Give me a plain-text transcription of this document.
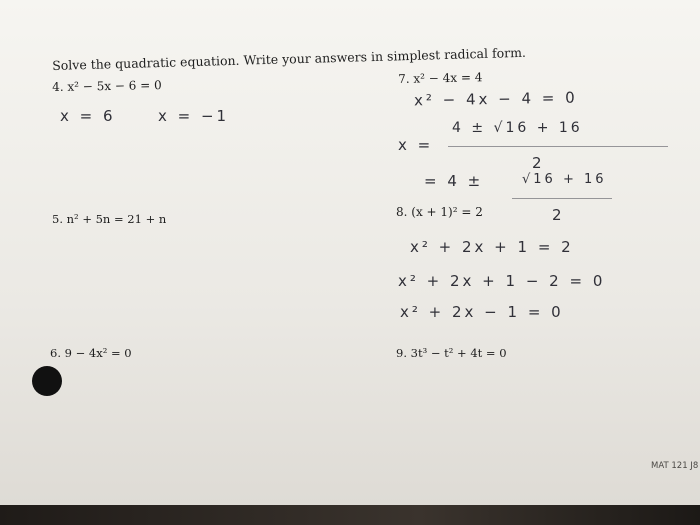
Solve the quadratic equation. Write your answers in simplest radical form.
4. x² − 5x − 6 = 0
x = 6	x = −1
7. x² − 4x = 4
x² − 4x − 4 = 0
x =
4 ± √16 + 16
2
= 4 ±	√16 + 16
2
5. n² + 5n = 21 + n	8. (x + 1)² = 2
x² + 2x + 1 = 2
x² + 2x + 1 − 2 = 0
x² + 2x − 1 = 0
6. 9 − 4x² = 0	9. 3t³ − t² + 4t = 0
MAT 121 J8
